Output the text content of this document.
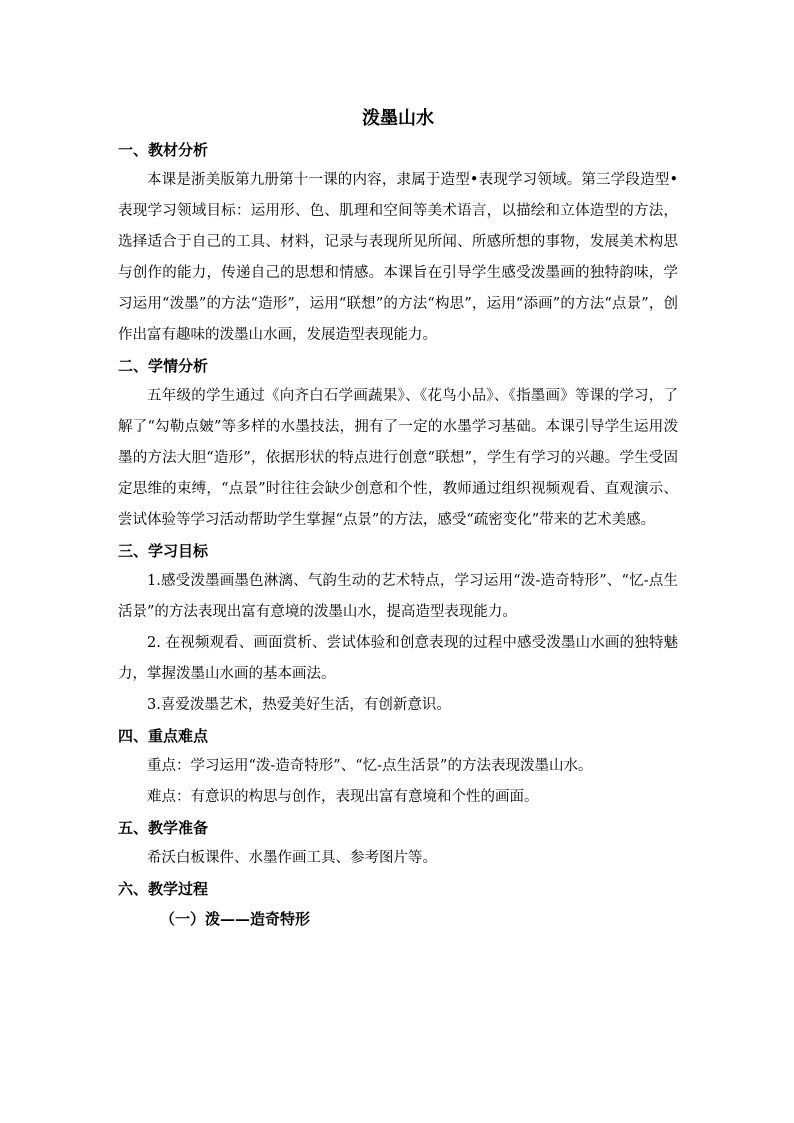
泼墨山水
一、教材分析

本课是浙美版第九册第十一课的内容，隶属于造型•表现学习领域。第三学段造型•表现学习领域目标：运用形、色、肌理和空间等美术语言，以描绘和立体造型的方法，选择适合于自己的工具、材料，记录与表现所见所闻、所感所想的事物，发展美术构思与创作的能力，传递自己的思想和情感。本课旨在引导学生感受泼墨画的独特韵味，学习运用“泼墨”的方法“造形”，运用“联想”的方法“构思”，运用“添画”的方法“点景”，创作出富有趣味的泼墨山水画，发展造型表现能力。

二、学情分析

五年级的学生通过《向齐白石学画蔬果》、《花鸟小品》、《指墨画》等课的学习，了解了“勾勒点皴”等多样的水墨技法，拥有了一定的水墨学习基础。本课引导学生运用泼墨的方法大胆“造形”，依据形状的特点进行创意“联想”，学生有学习的兴趣。学生受固定思维的束缚，“点景”时往往会缺少创意和个性，教师通过组织视频观看、直观演示、尝试体验等学习活动帮助学生掌握“点景”的方法，感受“疏密变化”带来的艺术美感。

三、学习目标

1.感受泼墨画墨色淋漓、气韵生动的艺术特点，学习运用“泼-造奇特形”、“忆-点生活景”的方法表现出富有意境的泼墨山水，提高造型表现能力。

2. 在视频观看、画面赏析、尝试体验和创意表现的过程中感受泼墨山水画的独特魅力，掌握泼墨山水画的基本画法。

3.喜爱泼墨艺术，热爱美好生活，有创新意识。

四、重点难点

重点：学习运用“泼-造奇特形”、“忆-点生活景”的方法表现泼墨山水。

难点：有意识的构思与创作，表现出富有意境和个性的画面。

五、教学准备

希沃白板课件、水墨作画工具、参考图片等。

六、教学过程
（一）泼——造奇特形
